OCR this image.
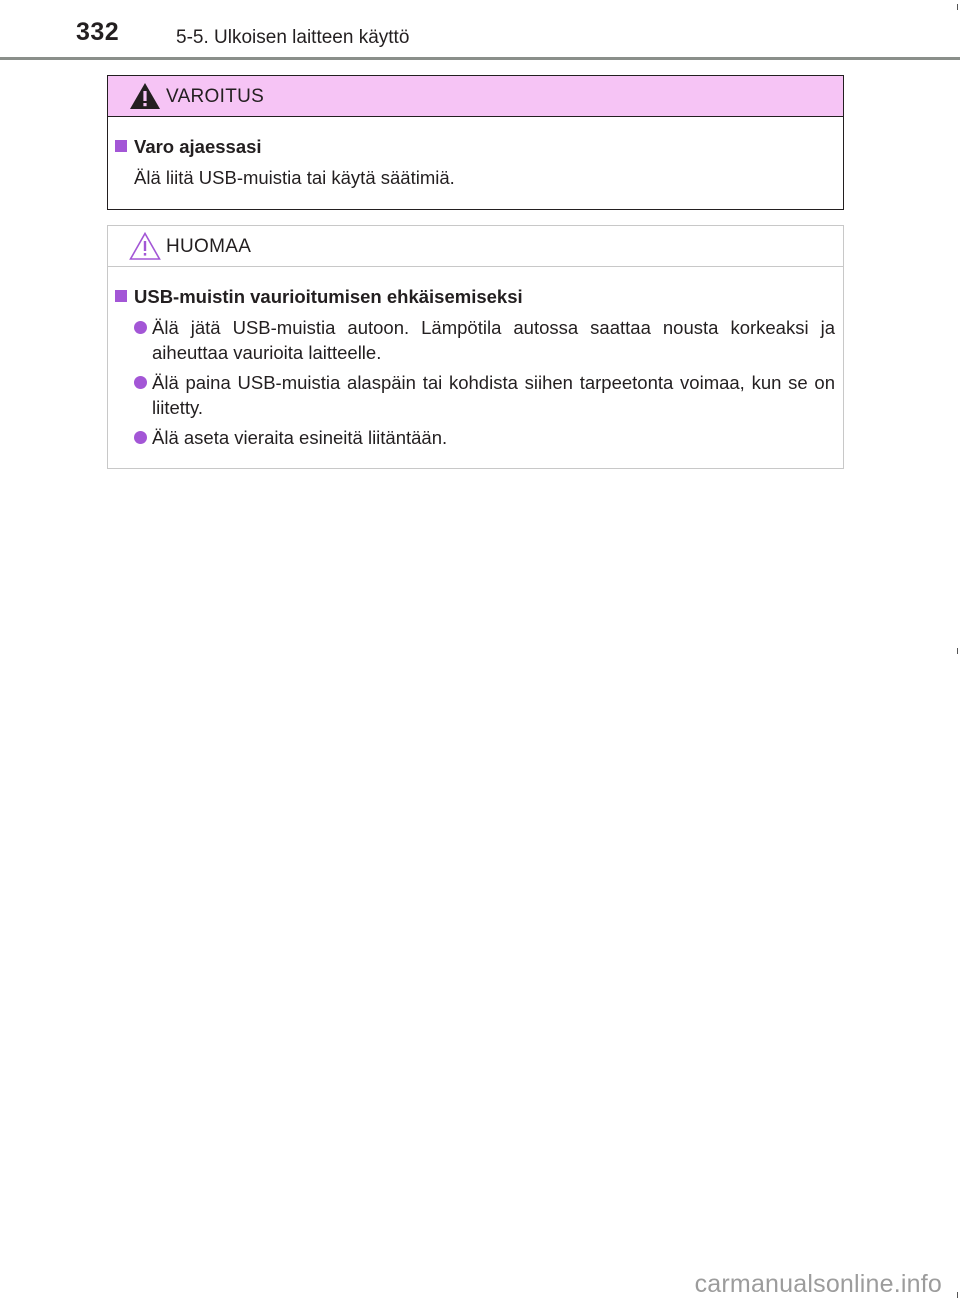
332	5-5. Ulkoisen laitteen käyttö
VAROITUS
Varo ajaessasi
Älä liitä USB-muistia tai käytä säätimiä.
HUOMAA
USB-muistin vaurioitumisen ehkäisemiseksi
Älä jätä USB-muistia autoon. Lämpötila autossa saattaa nousta korkeaksi ja aiheuttaa vaurioita laitteelle.
Älä paina USB-muistia alaspäin tai kohdista siihen tarpeetonta voimaa, kun se on liitetty.
Älä aseta vieraita esineitä liitäntään.
carmanualsonline.info
